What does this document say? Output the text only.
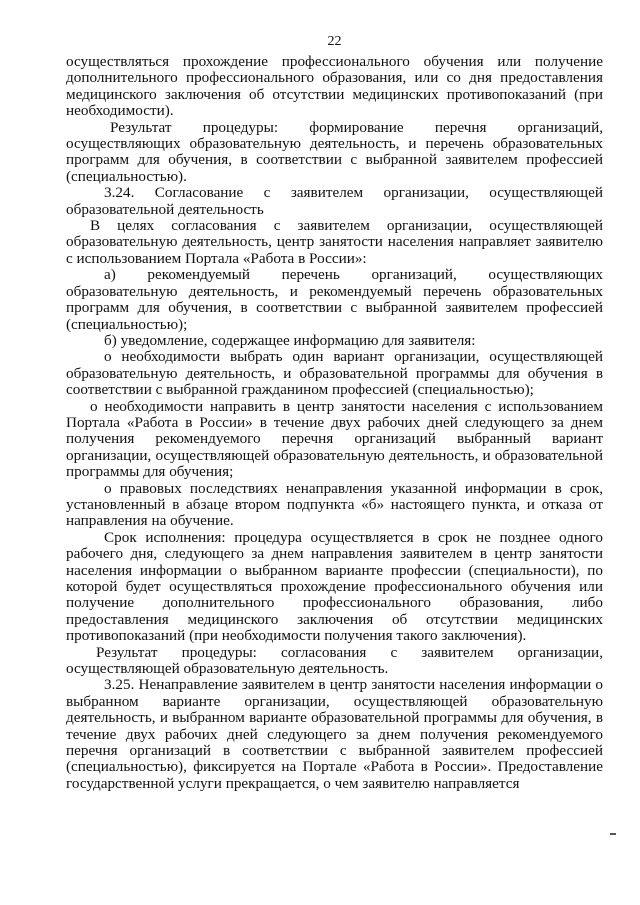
22

осуществляться прохождение профессионального обучения или получение дополнительного профессионального образования, или со дня предоставления медицинского заключения об отсутствии медицинских противопоказаний (при необходимости).

Результат процедуры: формирование перечня организаций, осуществляющих образовательную деятельность, и перечень образовательных программ для обучения, в соответствии с выбранной заявителем профессией (специальностью).

3.24. Согласование с заявителем организации, осуществляющей образовательной деятельность

В целях согласования с заявителем организации, осуществляющей образовательную деятельность, центр занятости населения направляет заявителю с использованием Портала «Работа в России»:

а) рекомендуемый перечень организаций, осуществляющих образовательную деятельность, и рекомендуемый перечень образовательных программ для обучения, в соответствии с выбранной заявителем профессией (специальностью);

б) уведомление, содержащее информацию для заявителя:

о необходимости выбрать один вариант организации, осуществляющей образовательную деятельность, и образовательной программы для обучения в соответствии с выбранной гражданином профессией (специальностью);

о необходимости направить в центр занятости населения с использованием Портала «Работа в России» в течение двух рабочих дней следующего за днем получения рекомендуемого перечня организаций выбранный вариант организации, осуществляющей образовательную деятельность, и образовательной программы для обучения;

о правовых последствиях ненаправления указанной информации в срок, установленный в абзаце втором подпункта «б» настоящего пункта, и отказа от направления на обучение.

Срок исполнения: процедура осуществляется в срок не позднее одного рабочего дня, следующего за днем направления заявителем в центр занятости населения информации о выбранном варианте профессии (специальности), по которой будет осуществляться прохождение профессионального обучения или получение дополнительного профессионального образования, либо предоставления медицинского заключения об отсутствии медицинских противопоказаний (при необходимости получения такого заключения).

Результат процедуры: согласования с заявителем организации, осуществляющей образовательную деятельность.

3.25. Ненаправление заявителем в центр занятости населения информации о выбранном варианте организации, осуществляющей образовательную деятельность, и выбранном варианте образовательной программы для обучения, в течение двух рабочих дней следующего за днем получения рекомендуемого перечня организаций в соответствии с выбранной заявителем профессией (специальностью), фиксируется на Портале «Работа в России». Предоставление государственной услуги прекращается, о чем заявителю направляется
